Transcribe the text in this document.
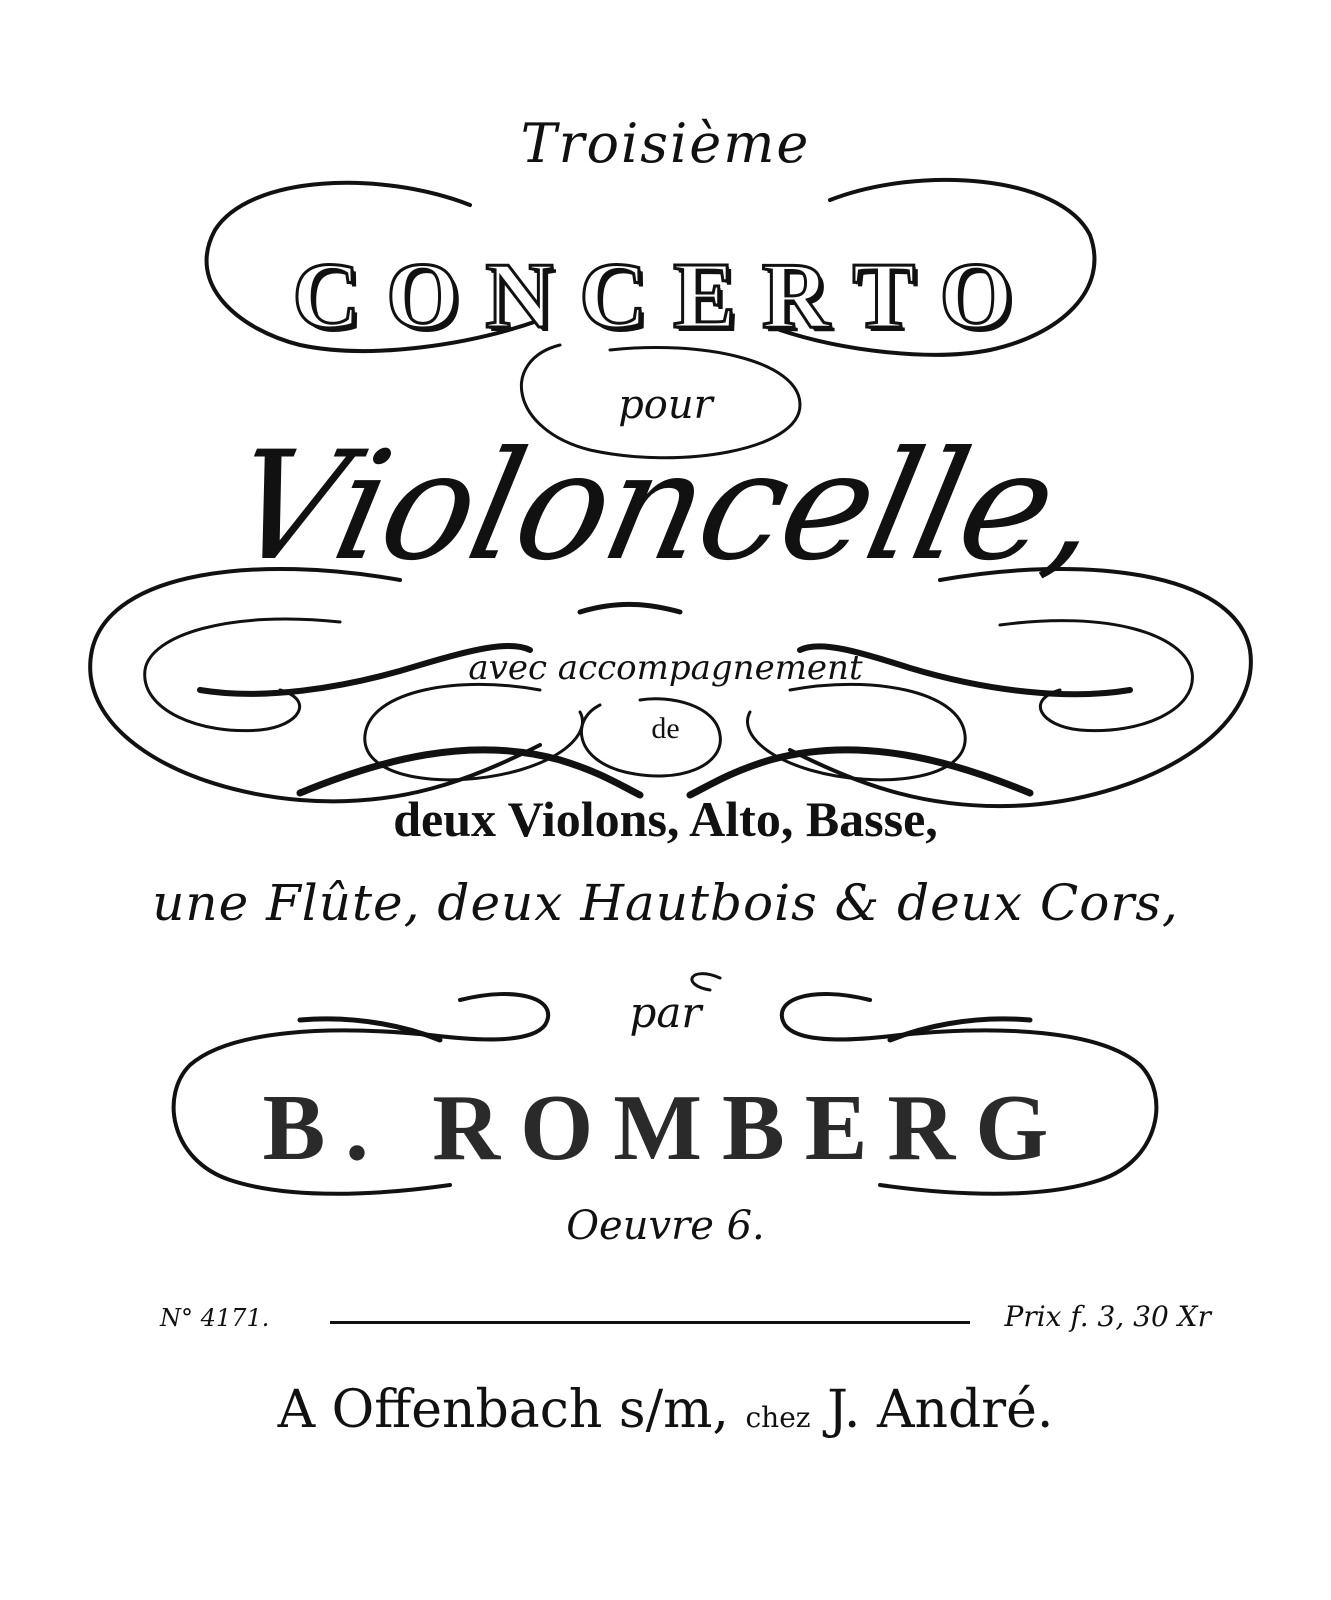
Troisième
CONCERTO
pour
Violoncelle,
avec accompagnement
de
deux Violons, Alto, Basse,
une Flûte, deux Hautbois & deux Cors,
par
B. ROMBERG
Oeuvre 6.
N° 4171.	Prix f. 3, 30 Xr
A Offenbach s/m, chez J. André.
